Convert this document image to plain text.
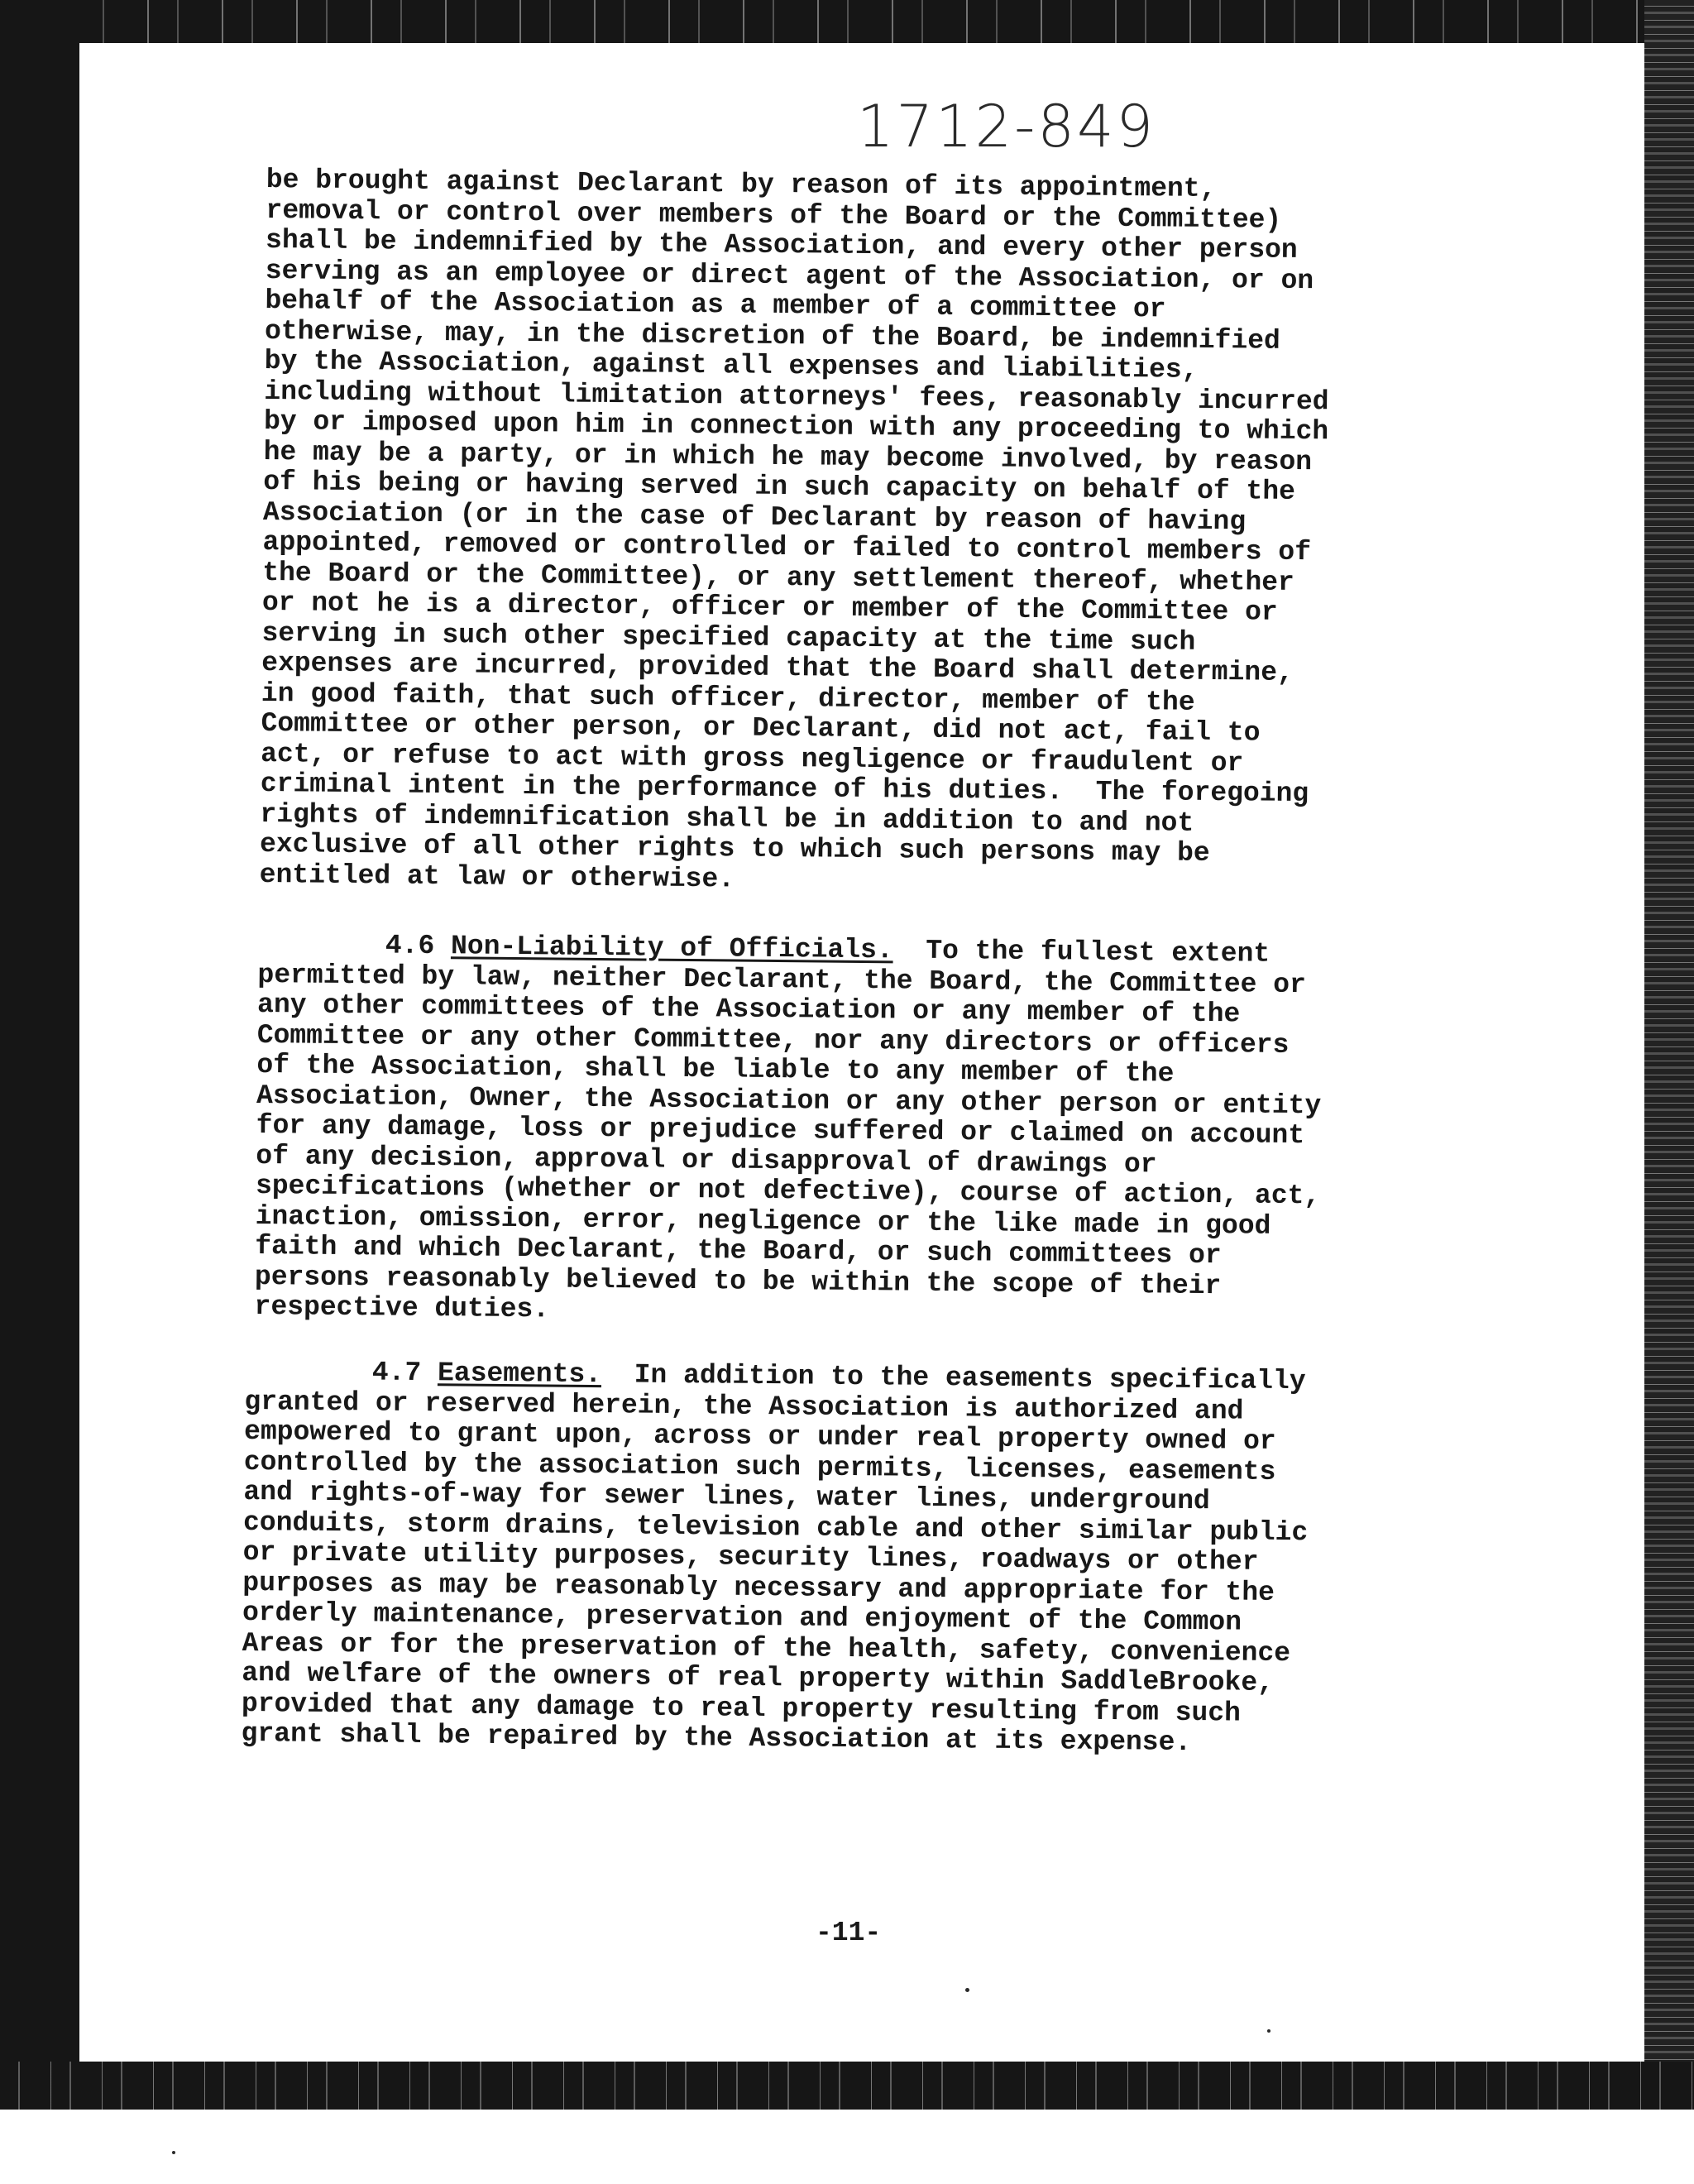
1712-849
be brought against Declarant by reason of its appointment,
removal or control over members of the Board or the Committee)
shall be indemnified by the Association, and every other person
serving as an employee or direct agent of the Association, or on
behalf of the Association as a member of a committee or
otherwise, may, in the discretion of the Board, be indemnified
by the Association, against all expenses and liabilities,
including without limitation attorneys' fees, reasonably incurred
by or imposed upon him in connection with any proceeding to which
he may be a party, or in which he may become involved, by reason
of his being or having served in such capacity on behalf of the
Association (or in the case of Declarant by reason of having
appointed, removed or controlled or failed to control members of
the Board or the Committee), or any settlement thereof, whether
or not he is a director, officer or member of the Committee or
serving in such other specified capacity at the time such
expenses are incurred, provided that the Board shall determine,
in good faith, that such officer, director, member of the
Committee or other person, or Declarant, did not act, fail to
act, or refuse to act with gross negligence or fraudulent or
criminal intent in the performance of his duties.  The foregoing
rights of indemnification shall be in addition to and not
exclusive of all other rights to which such persons may be
entitled at law or otherwise.
4.6 Non-Liability of Officials. To the fullest extent
permitted by law, neither Declarant, the Board, the Committee or
any other committees of the Association or any member of the
Committee or any other Committee, nor any directors or officers
of the Association, shall be liable to any member of the
Association, Owner, the Association or any other person or entity
for any damage, loss or prejudice suffered or claimed on account
of any decision, approval or disapproval of drawings or
specifications (whether or not defective), course of action, act,
inaction, omission, error, negligence or the like made in good
faith and which Declarant, the Board, or such committees or
persons reasonably believed to be within the scope of their
respective duties.
4.7 Easements. In addition to the easements specifically
granted or reserved herein, the Association is authorized and
empowered to grant upon, across or under real property owned or
controlled by the association such permits, licenses, easements
and rights-of-way for sewer lines, water lines, underground
conduits, storm drains, television cable and other similar public
or private utility purposes, security lines, roadways or other
purposes as may be reasonably necessary and appropriate for the
orderly maintenance, preservation and enjoyment of the Common
Areas or for the preservation of the health, safety, convenience
and welfare of the owners of real property within SaddleBrooke,
provided that any damage to real property resulting from such
grant shall be repaired by the Association at its expense.
-11-
